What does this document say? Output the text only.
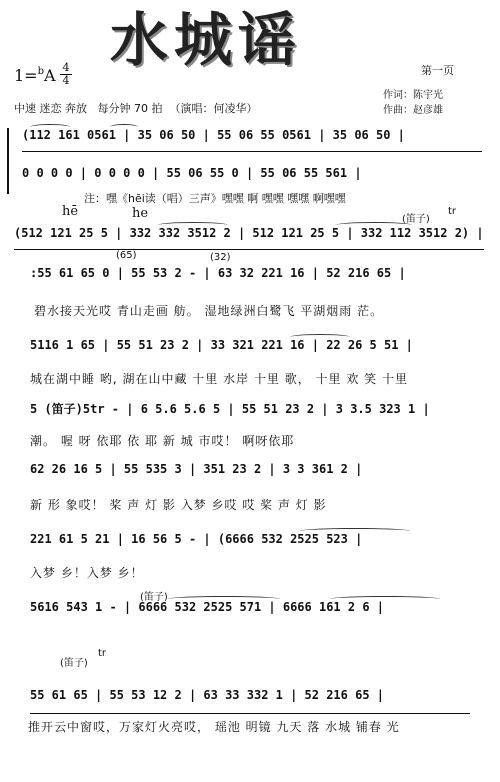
水城谣	第一页
作词：陈宇光
作曲：赵彦雄
1=$^b$A 4
4
中速 迷恋 奔放 每分钟 70 拍 （演唱：何凌华）
(112 161 0561 | 35 06 50 | 55 06 55 0561 | 35 06 50 |
0 0 0 0 | 0 0 0 0 | 55 06 55 0 | 55 06 55 561 |
注：嘿《hēi读（唱）三声》嘿嘿 啊 嘿嘿 嘿嘿 啊嘿嘿
hē	he	(笛子)
tr
(512 121 25 5 | 332 332 3512 2 | 512 121 25 5 | 332 112 3512 2) |
(65)	(32)
:55 61 65 0 | 55 53 2 - | 63 32 221 16 | 52 216 65 |
碧水接天光哎 青山走画 舫。 湿地绿洲白鹭飞 平湖烟雨 茫。
5116 1 65 | 55 51 23 2 | 33 321 221 16 | 22 26 5 51 |
城在湖中睡 哟, 湖在山中藏 十里 水岸 十里 歌， 十里 欢 笑 十里
5 (笛子)5tr - | 6 5.6 5.6 5 | 55 51 23 2 | 3 3.5 323 1 |
潮。 喔 呀 依耶 依 耶 新 城 市哎！ 啊呀依耶
62 26 16 5 | 55 535 3 | 351 23 2 | 3 3 361 2 |
新 形 象哎！ 桨 声 灯 影 入梦 乡哎 哎 桨 声 灯 影
221 61 5 21 | 16 56 5 - | (6666 532 2525 523 |
入梦 乡！入梦 乡！
(笛子)
5616 543 1 - | 6666 532 2525 571 | 6666 161 2 6 |
(笛子)
tr
55 61 65 | 55 53 12 2 | 63 33 332 1 | 52 216 65 |
推开云中窗哎，万家灯火亮哎， 瑶池 明镜 九天 落 水城 铺春 光
